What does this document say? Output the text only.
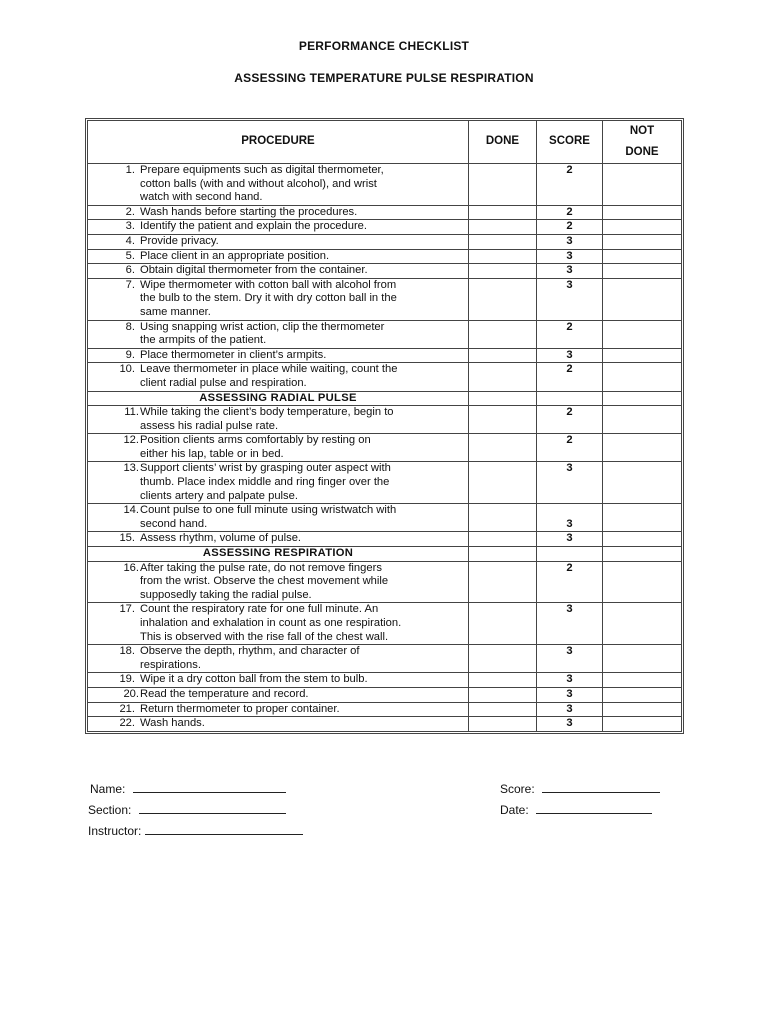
PERFORMANCE CHECKLIST
ASSESSING TEMPERATURE PULSE RESPIRATION
PROCEDURE	DONE	SCORE	NOT
DONE

1. Prepare equipments such as digital thermometer,
cotton balls (with and without alcohol), and wrist
watch with second hand.		2	

2. Wash hands before starting the procedures.		2	

3. Identify the patient and explain the procedure.		2	

4. Provide privacy.		3	

5. Place client in an appropriate position.		3	

6. Obtain digital thermometer from the container.		3	

7. Wipe thermometer with cotton ball with alcohol from
the bulb to the stem. Dry it with dry cotton ball in the
same manner.		3	

8. Using snapping wrist action, clip the thermometer
the armpits of the patient.		2	

9. Place thermometer in client’s armpits.		3	

10. Leave thermometer in place while waiting, count the
client radial pulse and respiration.		2	
ASSESSING RADIAL PULSE			

11. While taking the client’s body temperature, begin to
assess his radial pulse rate.		2	

12. Position clients arms comfortably by resting on
either his lap, table or in bed.		2	

13. Support clients’ wrist by grasping outer aspect with
thumb. Place index middle and ring finger over the
clients artery and palpate pulse.		3	

14. Count pulse to one full minute using wristwatch with
second hand.		3	

15. Assess rhythm, volume of pulse.		3	
ASSESSING RESPIRATION			

16. After taking the pulse rate, do not remove fingers
from the wrist. Observe the chest movement while
supposedly taking the radial pulse.		2	

17. Count the respiratory rate for one full minute. An
inhalation and exhalation in count as one respiration.
This is observed with the rise fall of the chest wall.		3	

18. Observe the depth, rhythm, and character of
respirations.		3	

19. Wipe it a dry cotton ball from the stem to bulb.		3	

20. Read the temperature and record.		3	

21. Return thermometer to proper container.		3	

22. Wash hands.		3	
Name:
Section:
Instructor:
Score:
Date:
